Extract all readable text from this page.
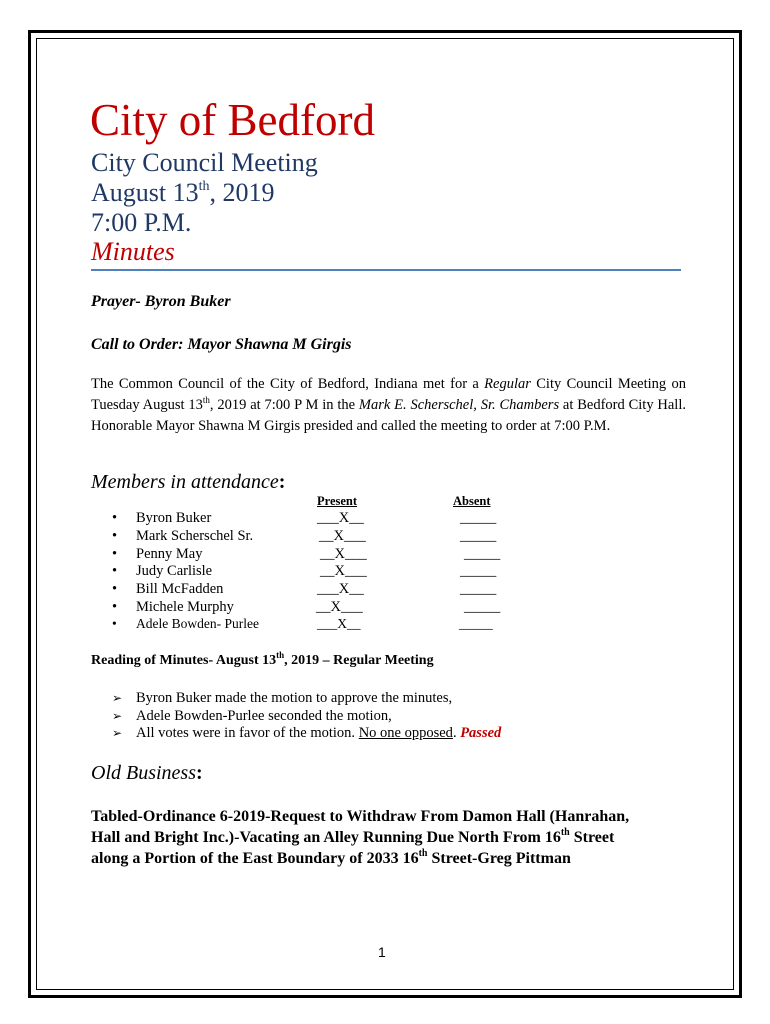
City of Bedford
City Council Meeting
August 13th, 2019
7:00 P.M.
Minutes
Prayer- Byron Buker
Call to Order: Mayor Shawna M Girgis
The Common Council of the City of Bedford, Indiana met for a Regular City Council Meeting on Tuesday August 13th, 2019 at 7:00 P M in the Mark E. Scherschel, Sr. Chambers at Bedford City Hall. Honorable Mayor Shawna M Girgis presided and called the meeting to order at 7:00 P.M.
Members in attendance:
Present	Absent
• Byron Buker	___X__	_____
• Mark Scherschel Sr.	__X___	_____
• Penny May	__X___	_____
• Judy Carlisle	__X___	_____
• Bill McFadden	___X__	_____
• Michele Murphy	__X___	_____
• Adele Bowden- Purlee	___X__	_____
Reading of Minutes- August 13th, 2019 – Regular Meeting
➢ Byron Buker made the motion to approve the minutes,
➢ Adele Bowden-Purlee seconded the motion,
➢ All votes were in favor of the motion. No one opposed. Passed
Old Business:
Tabled-Ordinance 6-2019-Request to Withdraw From Damon Hall (Hanrahan, Hall and Bright Inc.)-Vacating an Alley Running Due North From 16th Street along a Portion of the East Boundary of 2033 16th Street-Greg Pittman
1
